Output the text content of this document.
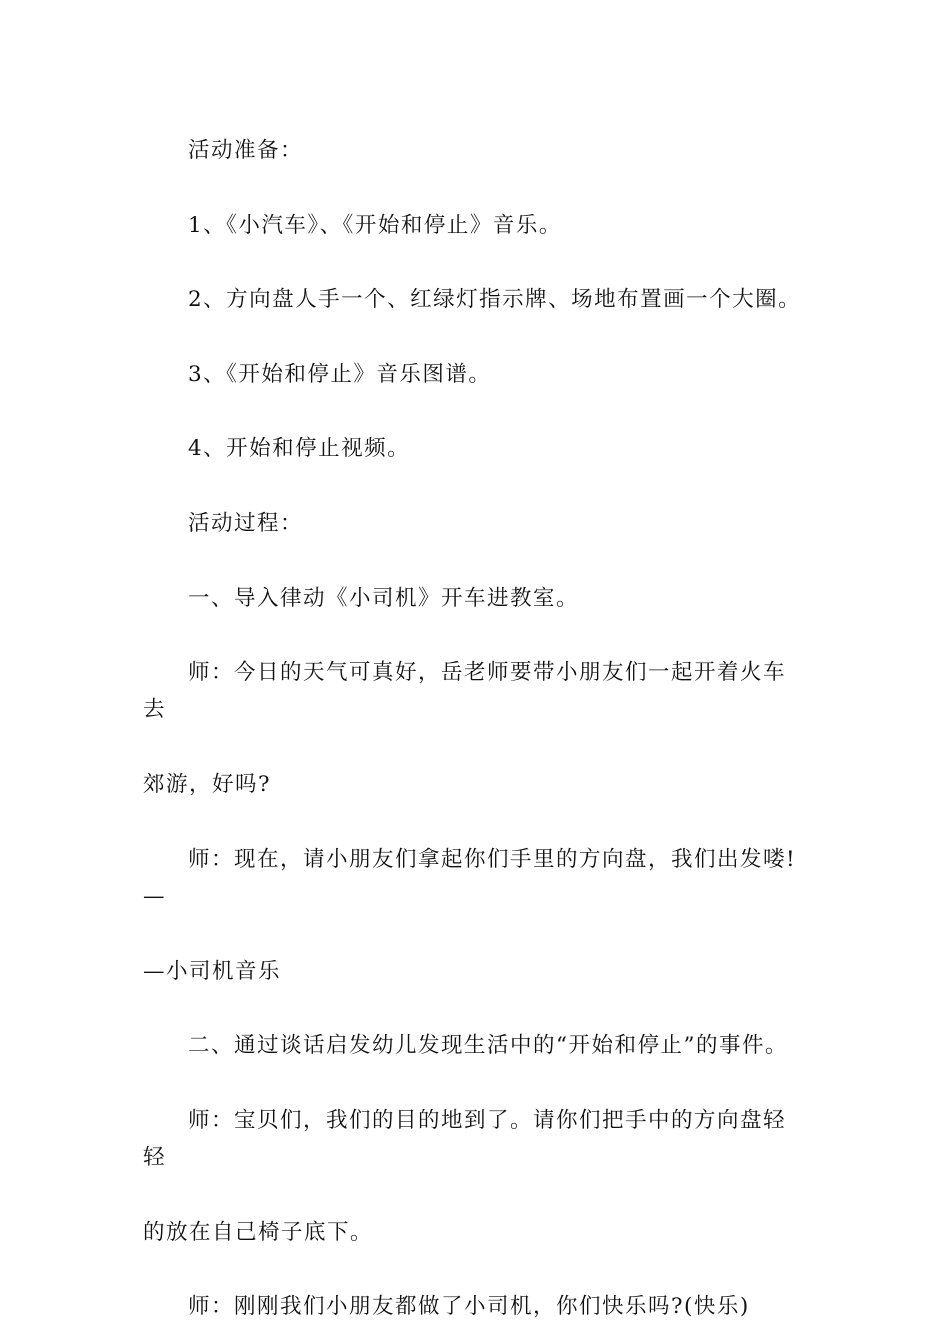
活动准备：

1、《小汽车》、《开始和停止》音乐。

2、方向盘人手一个、红绿灯指示牌、场地布置画一个大圈。

3、《开始和停止》音乐图谱。

4、开始和停止视频。

活动过程：

一、导入律动《小司机》开车进教室。

师：今日的天气可真好，岳老师要带小朋友们一起开着火车去
郊游，好吗?

师：现在，请小朋友们拿起你们手里的方向盘，我们出发喽!—
—小司机音乐

二、通过谈话启发幼儿发现生活中的“开始和停止”的事件。

师：宝贝们，我们的目的地到了。请你们把手中的方向盘轻轻
的放在自己椅子底下。

师：刚刚我们小朋友都做了小司机，你们快乐吗?(快乐)
